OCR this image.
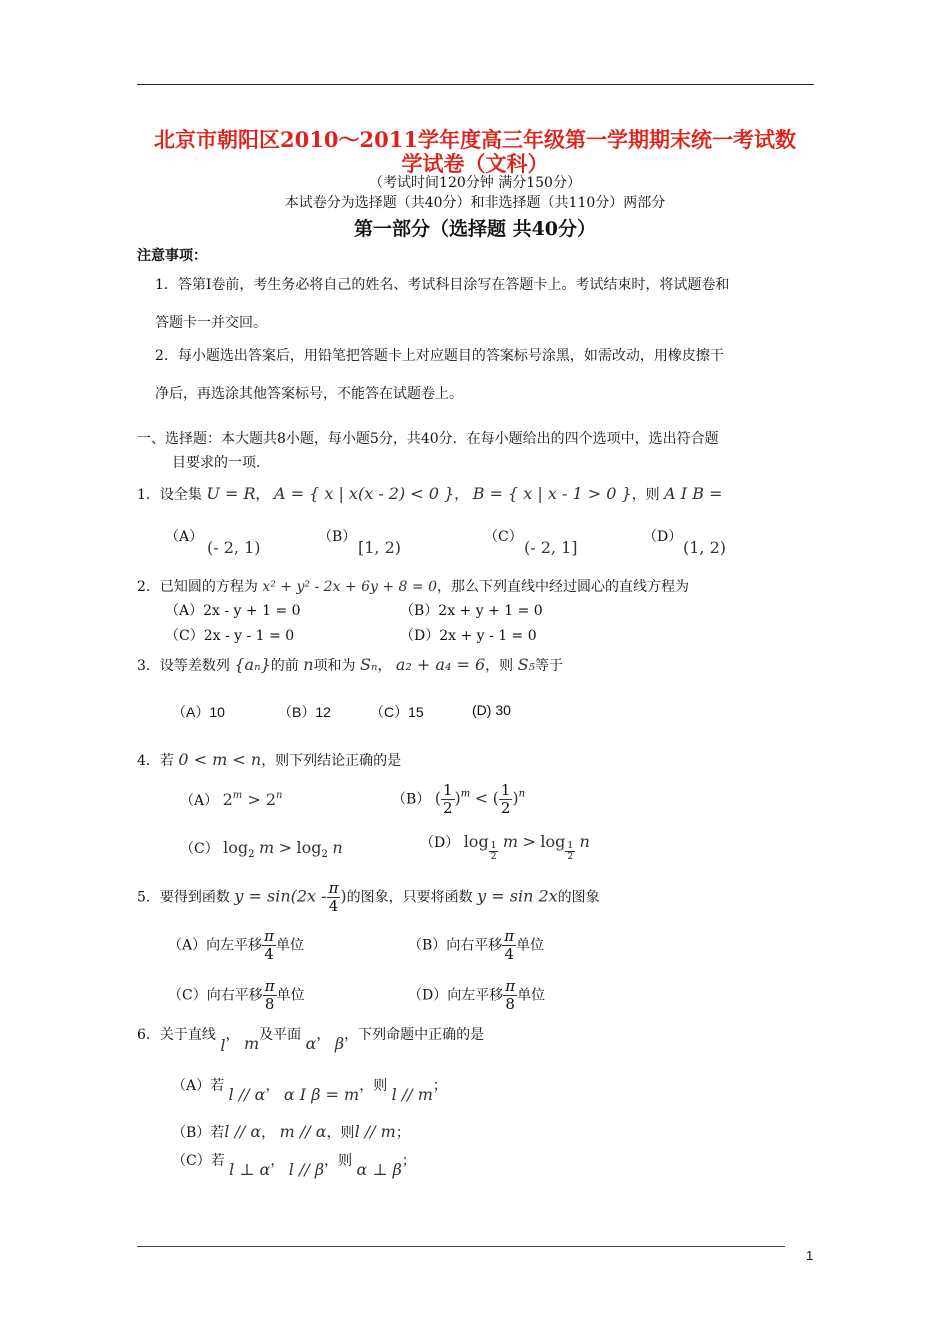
北京市朝阳区2010～2011学年度高三年级第一学期期末统一考试数
学试卷（文科）
（考试时间120分钟 满分150分）
本试卷分为选择题（共40分）和非选择题（共110分）两部分
第一部分（选择题 共40分）
注意事项：
1．答第I卷前，考生务必将自己的姓名、考试科目涂写在答题卡上。考试结束时，将试题卷和
答题卡一并交回。
2．每小题选出答案后，用铅笔把答题卡上对应题目的答案标号涂黑，如需改动，用橡皮擦干
净后，再选涂其他答案标号，不能答在试题卷上。
一、选择题：本大题共8小题，每小题5分，共40分．在每小题给出的四个选项中，选出符合题
目要求的一项．
1．设全集 U = R， A = { x | x(x - 2) < 0 }， B = { x | x - 1 > 0 }，则 A I B =
（A）
(- 2, 1)
（B）
[1, 2)
（C）
(- 2, 1]
（D）
(1, 2)
2．已知圆的方程为 x² + y² - 2x + 6y + 8 = 0，那么下列直线中经过圆心的直线方程为
（A）2x - y + 1 = 0	（B）2x + y + 1 = 0
（C）2x - y - 1 = 0	（D）2x + y - 1 = 0
3．设等差数列 {aₙ}的前 n项和为 Sₙ， a₂ + a₄ = 6，则 S₅等于
（A）10	（B）12	（C）15	(D) 30
4．若 0 < m < n，则下列结论正确的是
（A） $2^m > 2^n$	（B） ( $\frac{1}{2} )^m$ < ( $\frac{1}{2} )^n$
（C） $\log_2 m > \log_2 n$	（D） $\log \frac{1}{2}$ $m > \log \frac{1}{2}$ n
5．要得到函数 $y = \sin(2x - \frac{\pi}{4}$ )的图象，只要将函数 y = sin 2x的图象
（A）向左平移 $\frac{\pi}{4}$ 单位	（B）向右平移 $\frac{\pi}{4}$ 单位
（C）向右平移 $\frac{\pi}{8}$ 单位	（D）向左平移 $\frac{\pi}{8}$ 单位
6．关于直线 l， m及平面 α， β，下列命题中正确的是
（A）若 l // α， α I β = m，则 l // m；
（B）若l // α， m // α，则l // m；
（C）若 l ⊥ α， l // β，则 α ⊥ β；
1
